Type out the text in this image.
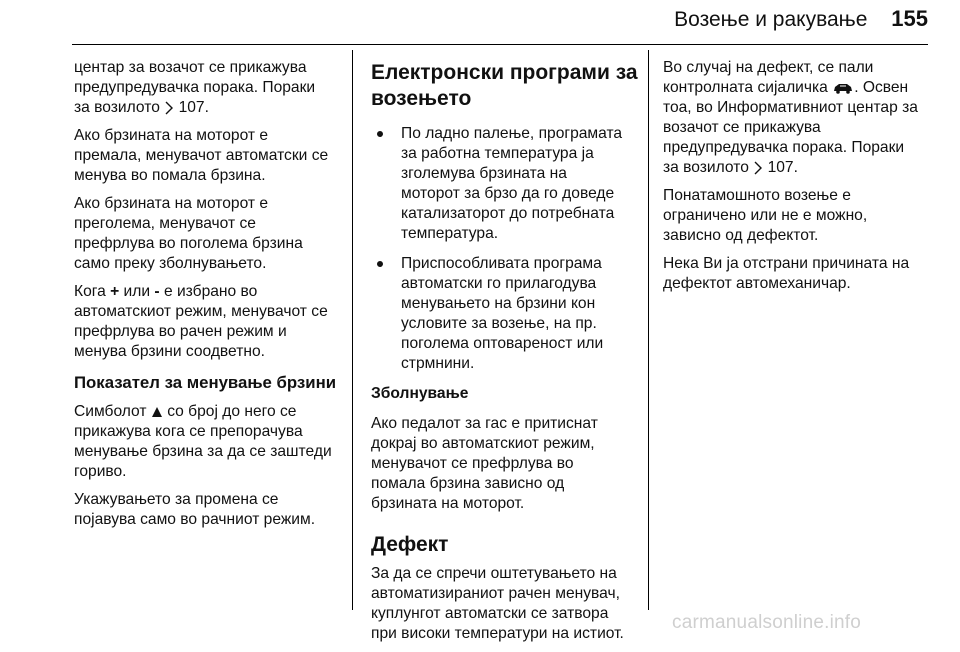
Возење и ракување 155

центар за возачот се прикажува
предупредувачка порака. Пораки
за возилото 107.

Ако брзината на моторот е
премала, менувачот автоматски се
менува во помала брзина.

Ако брзината на моторот е
преголема, менувачот се
префрлува во поголема брзина
само преку зболнувањето.

Кога + или - е избрано во
автоматскиот режим, менувачот се
префрлува во рачен режим и
менува брзини соодветно.

Показател за менување брзини

Симболот  со број до него се
прикажува кога се препорачува
менување брзина за да се заштеди
гориво.

Укажувањето за промена се
појавува само во рачниот режим.

Електронски програми за
возењето
По ладно палење, програмата
за работна температура ја
зголемува брзината на
моторот за брзо да го доведе
катализаторот до потребната
температура.
Приспособливата програма
автоматски го прилагодува
менувањето на брзини кон
условите за возење, на пр.
поголема оптовареност или
стрмнини.
Зболнување

Ако педалот за гас е притиснат
докрај во автоматскиот режим,
менувачот се префрлува во
помала брзина зависно од
брзината на моторот.

Дефект

За да се спречи оштетувањето на
автоматизираниот рачен менувач,
куплунгот автоматски се затвора
при високи температури на истиот.

Во случај на дефект, се пали
контролната сијаличка . Освен
тоа, во Информативниот центар за
возачот се прикажува
предупредувачка порака. Пораки
за возилото 107.

Понатамошното возење е
ограничено или не е можно,
зависно од дефектот.

Нека Ви ја отстрани причината на
дефектот автомеханичар.

carmanualsonline.info
